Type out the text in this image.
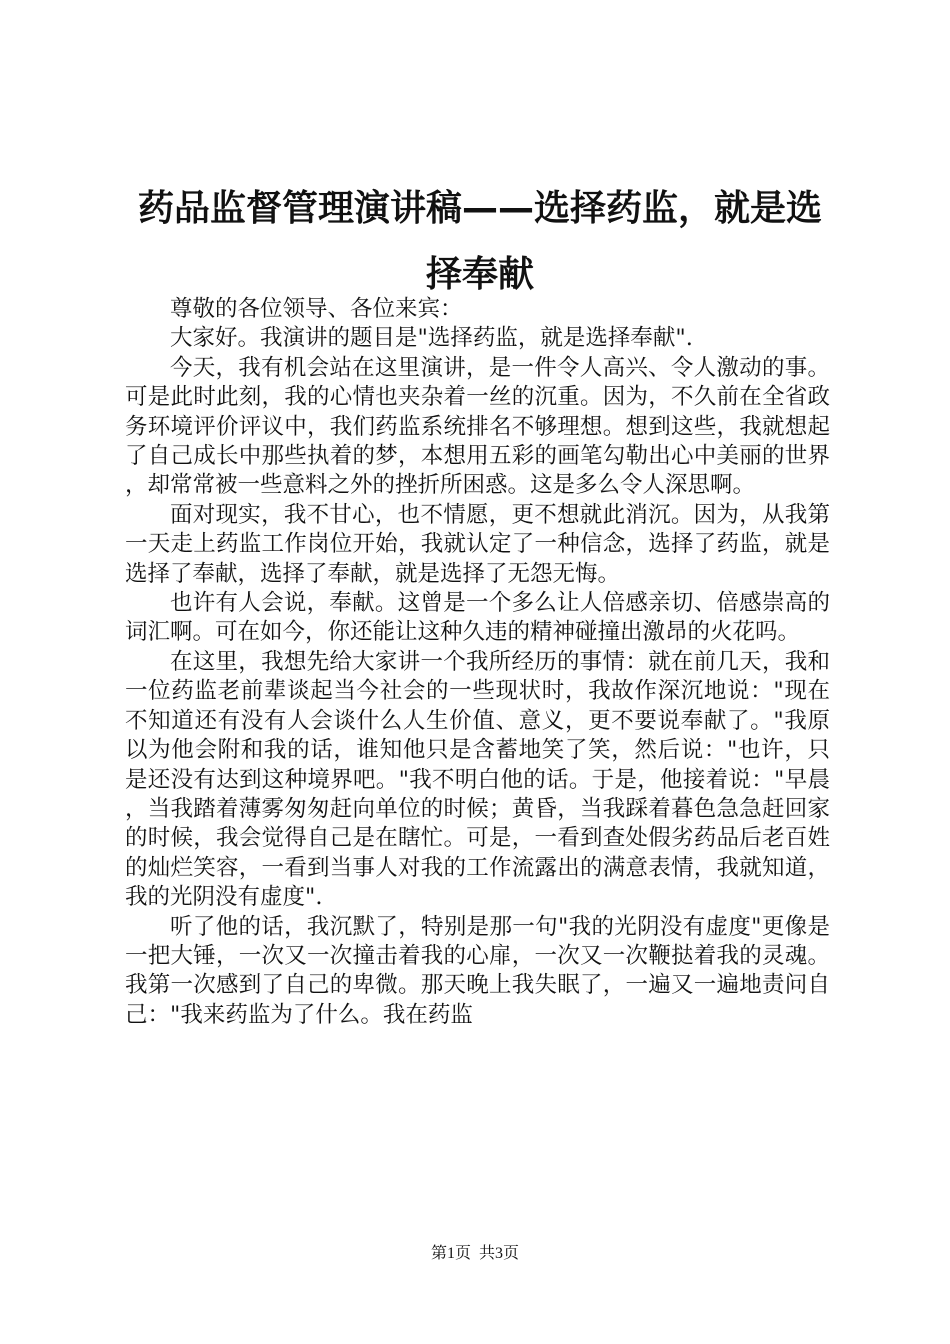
药品监督管理演讲稿——选择药监，就是选择奉献

尊敬的各位领导、各位来宾：

大家好。我演讲的题目是"选择药监，就是选择奉献".

今天，我有机会站在这里演讲，是一件令人高兴、令人激动的事。可是此时此刻，我的心情也夹杂着一丝的沉重。因为，不久前在全省政务环境评价评议中，我们药监系统排名不够理想。想到这些，我就想起了自己成长中那些执着的梦，本想用五彩的画笔勾勒出心中美丽的世界，却常常被一些意料之外的挫折所困惑。这是多么令人深思啊。

面对现实，我不甘心，也不情愿，更不想就此消沉。因为，从我第一天走上药监工作岗位开始，我就认定了一种信念，选择了药监，就是选择了奉献，选择了奉献，就是选择了无怨无悔。

也许有人会说，奉献。这曾是一个多么让人倍感亲切、倍感崇高的词汇啊。可在如今，你还能让这种久违的精神碰撞出激昂的火花吗。

在这里，我想先给大家讲一个我所经历的事情：就在前几天，我和一位药监老前辈谈起当今社会的一些现状时，我故作深沉地说："现在不知道还有没有人会谈什么人生价值、意义，更不要说奉献了。"我原以为他会附和我的话，谁知他只是含蓄地笑了笑，然后说："也许，只是还没有达到这种境界吧。"我不明白他的话。于是，他接着说："早晨，当我踏着薄雾匆匆赶向单位的时候；黄昏，当我踩着暮色急急赶回家的时候，我会觉得自己是在瞎忙。可是，一看到查处假劣药品后老百姓的灿烂笑容，一看到当事人对我的工作流露出的满意表情，我就知道，我的光阴没有虚度".

听了他的话，我沉默了，特别是那一句"我的光阴没有虚度"更像是一把大锤，一次又一次撞击着我的心扉，一次又一次鞭挞着我的灵魂。我第一次感到了自己的卑微。那天晚上我失眠了，一遍又一遍地责问自己："我来药监为了什么。我在药监

第1页  共3页
